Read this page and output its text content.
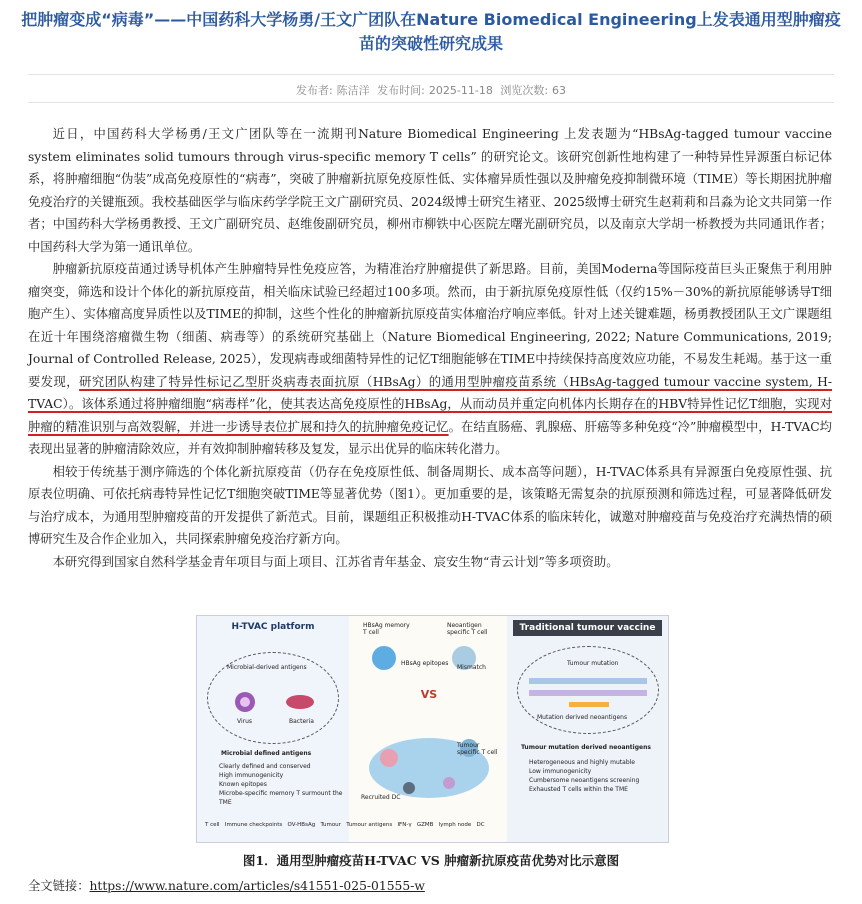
把肿瘤变成“病毒”——中国药科大学杨勇/王文广团队在Nature Biomedical Engineering上发表通用型肿瘤疫苗的突破性研究成果
发布者: 陈洁洋 发布时间: 2025-11-18 浏览次数: 63

近日，中国药科大学杨勇/王文广团队等在一流期刊Nature Biomedical Engineering 上发表题为“HBsAg-tagged tumour vaccine system eliminates solid tumours through virus-specific memory T cells” 的研究论文。该研究创新性地构建了一种特异性异源蛋白标记体系，将肿瘤细胞“伪装”成高免疫原性的“病毒”，突破了肿瘤新抗原免疫原性低、实体瘤异质性强以及肿瘤免疫抑制微环境（TIME）等长期困扰肿瘤免疫治疗的关键瓶颈。我校基础医学与临床药学学院王文广副研究员、2024级博士研究生褚亚、2025级博士研究生赵莉莉和吕淼为论文共同第一作者；中国药科大学杨勇教授、王文广副研究员、赵维俊副研究员，柳州市柳铁中心医院左曙光副研究员，以及南京大学胡一桥教授为共同通讯作者；中国药科大学为第一通讯单位。

肿瘤新抗原疫苗通过诱导机体产生肿瘤特异性免疫应答，为精准治疗肿瘤提供了新思路。目前，美国Moderna等国际疫苗巨头正聚焦于利用肿瘤突变，筛选和设计个体化的新抗原疫苗，相关临床试验已经超过100多项。然而，由于新抗原免疫原性低（仅约15%－30%的新抗原能够诱导T细胞产生）、实体瘤高度异质性以及TIME的抑制，这些个性化的肿瘤新抗原疫苗实体瘤治疗响应率低。针对上述关键难题，杨勇教授团队王文广课题组在近十年围绕溶瘤微生物（细菌、病毒等）的系统研究基础上（Nature Biomedical Engineering, 2022; Nature Communications, 2019; Journal of Controlled Release, 2025），发现病毒或细菌特异性的记忆T细胞能够在TIME中持续保持高度效应功能，不易发生耗竭。基于这一重要发现，研究团队构建了特异性标记乙型肝炎病毒表面抗原（HBsAg）的通用型肿瘤疫苗系统（HBsAg-tagged tumour vaccine system, H-TVAC）。该体系通过将肿瘤细胞“病毒样”化，使其表达高免疫原性的HBsAg，从而动员并重定向机体内长期存在的HBV特异性记忆T细胞，实现对肿瘤的精准识别与高效裂解，并进一步诱导表位扩展和持久的抗肿瘤免疫记忆。在结直肠癌、乳腺癌、肝癌等多种免疫“冷”肿瘤模型中，H-TVAC均表现出显著的肿瘤清除效应，并有效抑制肿瘤转移及复发，显示出优异的临床转化潜力。

相较于传统基于测序筛选的个体化新抗原疫苗（仍存在免疫原性低、制备周期长、成本高等问题），H-TVAC体系具有异源蛋白免疫原性强、抗原表位明确、可依托病毒特异性记忆T细胞突破TIME等显著优势（图1）。更加重要的是，该策略无需复杂的抗原预测和筛选过程，可显著降低研发与治疗成本，为通用型肿瘤疫苗的开发提供了新范式。目前，课题组正积极推动H-TVAC体系的临床转化，诚邀对肿瘤疫苗与免疫治疗充满热情的硕博研究生及合作企业加入，共同探索肿瘤免疫治疗新方向。

本研究得到国家自然科学基金青年项目与面上项目、江苏省青年基金、宸安生物“青云计划”等多项资助。

H-TVAC platform
Microbial-derived antigens
Virus	Bacteria
Microbial defined antigens
Clearly defined and conserved
High immunogenicity
Known epitopes
Microbe-specific memory T surmount the TME
HBsAg memory T cell
Neoantigen specific T cell
VS
HBsAg epitopes
Mismatch
Tumour specific T cell
Recruited DC
Traditional tumour vaccine
Tumour mutation
Mutation derived neoantigens
Tumour mutation derived neoantigens
Heterogeneous and highly mutable
Low immunogenicity
Cumbersome neoantigens screening
Exhausted T cells within the TME
T cell Immune checkpoints OV-HBsAg Tumour Tumour antigens IFN-γ GZMB lymph node DC
图1．通用型肿瘤疫苗H-TVAC VS 肿瘤新抗原疫苗优势对比示意图
全文链接：https://www.nature.com/articles/s41551-025-01555-w
